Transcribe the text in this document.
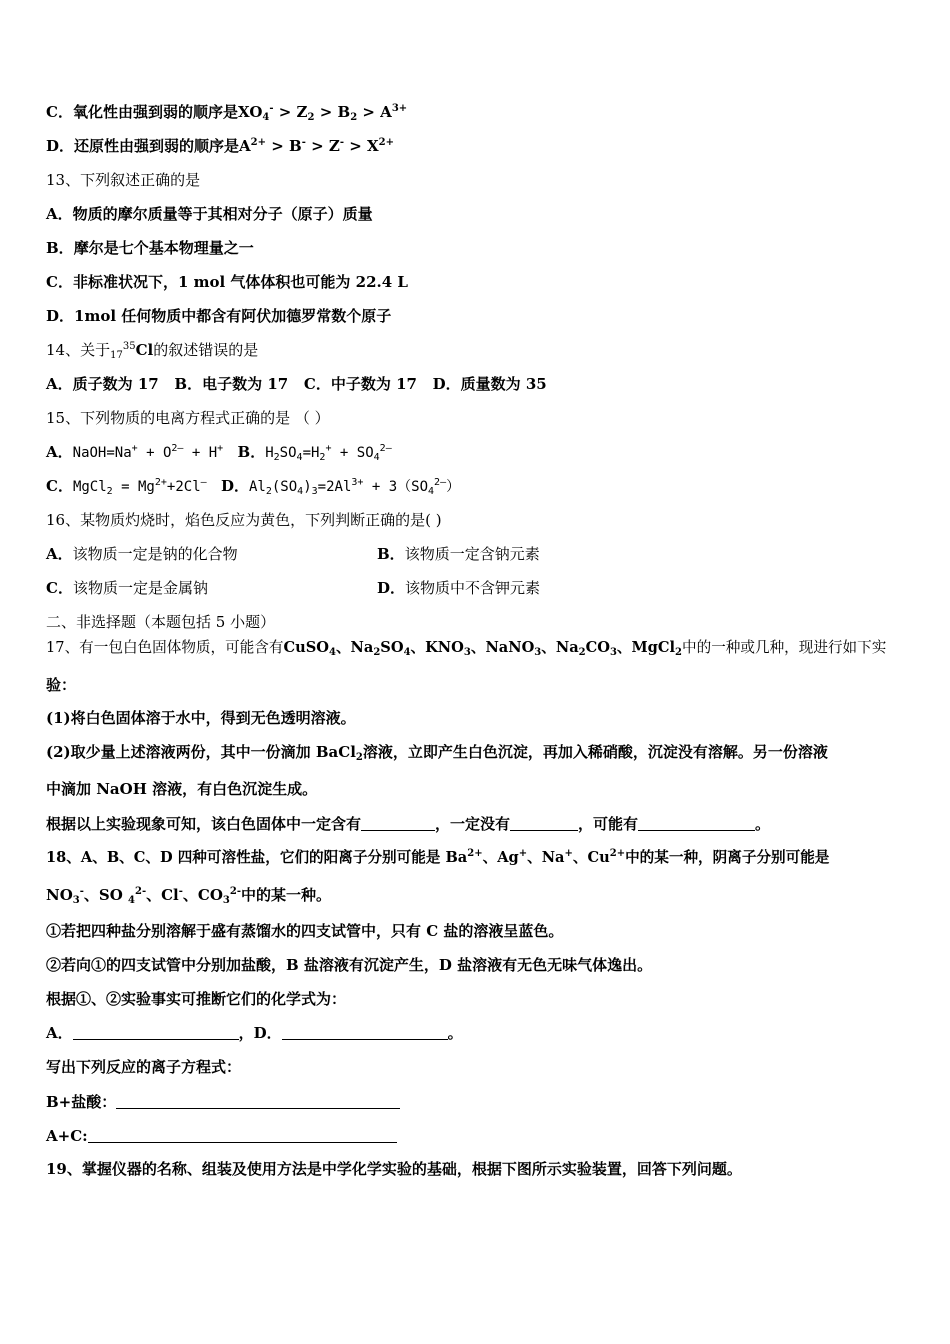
C．氧化性由强到弱的顺序是$XO_4^- > Z_2 > B_2 > A^{3+}$
D．还原性由强到弱的顺序是$A^{2+} > B^- > Z^- > X^{2+}$
13、下列叙述正确的是
A．物质的摩尔质量等于其相对分子（原子）质量
B．摩尔是七个基本物理量之一
C．非标准状况下，1 mol 气体体积也可能为 22.4 L
D．1mol 任何物质中都含有阿伏加德罗常数个原子
14、关于$_{17}^{35}$Cl的叙述错误的是
A．质子数为 17 B．电子数为 17 C．中子数为 17 D．质量数为 35
15、下列物质的电离方程式正确的是 （ ）
A．NaOH=Na+ + $O^{2—} + H^+$ B．$H_2SO_4=H_2^+ + SO_4^{2—}$
C．MgCl$_2$ = $Mg^{2+}+2Cl^—$ D．$Al_2(SO_4)_3=2Al^{3+} + 3(SO_4^{2—})$
16、某物质灼烧时，焰色反应为黄色，下列判断正确的是( )
A．该物质一定是钠的化合物	B．该物质一定含钠元素
C．该物质一定是金属钠	D．该物质中不含钾元素
二、非选择题（本题包括 5 小题）
17、有一包白色固体物质，可能含有CuSO$_4$、$Na_2SO_4$、$KNO_3$、NaNO$_3$、$Na_2CO_3$、MgCl$_2$中的一种或几种，现进行如下实
验：
(1)将白色固体溶于水中，得到无色透明溶液。
(2)取少量上述溶液两份，其中一份滴加 BaCl$_2$溶液，立即产生白色沉淀，再加入稀硝酸，沉淀没有溶解。另一份溶液
中滴加 NaOH 溶液，有白色沉淀生成。
根据以上实验现象可知，该白色固体中一定含有	，一定没有	，可能有	。
18、A、B、C、D 四种可溶性盐，它们的阳离子分别可能是 $Ba^{2+}$、Ag+、Na+、$Cu^{2+}$中的某一种，阴离子分别可能是
$NO_3^-$、SO $_4^{2-}$、Cl-、$CO_3^{2-}$中的某一种。
①若把四种盐分别溶解于盛有蒸馏水的四支试管中，只有 C 盐的溶液呈蓝色。
②若向①的四支试管中分别加盐酸，B 盐溶液有沉淀产生，D 盐溶液有无色无味气体逸出。
根据①、②实验事实可推断它们的化学式为：
A．	，D．	。
写出下列反应的离子方程式：
B+盐酸：
A+C:
19、掌握仪器的名称、组装及使用方法是中学化学实验的基础，根据下图所示实验装置，回答下列问题。
